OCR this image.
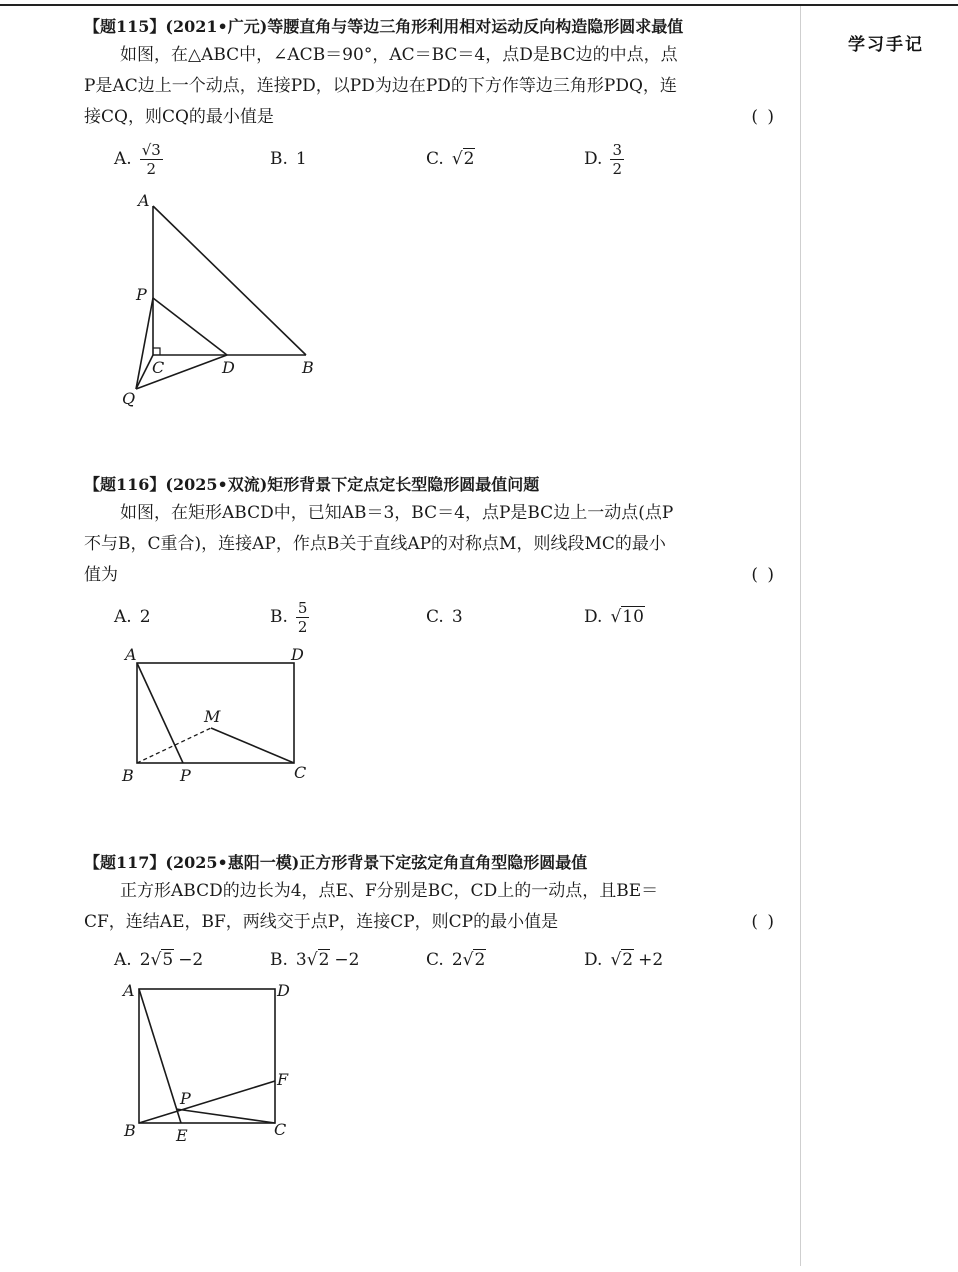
学习手记
【题115】(2021•广元)等腰直角与等边三角形利用相对运动反向构造隐形圆求最值
如图，在△ABC中，∠ACB＝90°，AC＝BC＝4，点D是BC边的中点，点
P是AC边上一个动点，连接PD，以PD为边在PD的下方作等边三角形PDQ，连
接CQ，则CQ的最小值是	( )
A. $\frac{√3}{2}$	B. 1	C. √2	D. $\frac{3}{2}$
A
P
C	D	B
Q
A	D
M
B	P	C
A	D
F
P
B	E	C
【题116】(2025•双流)矩形背景下定点定长型隐形圆最值问题
如图，在矩形ABCD中，已知AB＝3，BC＝4，点P是BC边上一动点(点P
不与B，C重合)，连接AP，作点B关于直线AP的对称点M，则线段MC的最小
值为	( )
A. 2	B. $\frac{5}{2}$	C. 3	D. √10
【题117】(2025•惠阳一模)正方形背景下定弦定角直角型隐形圆最值
正方形ABCD的边长为4，点E、F分别是BC，CD上的一动点，且BE＝
CF，连结AE，BF，两线交于点P，连接CP，则CP的最小值是	( )
A. 2 √5 −2	B. 3 √2 −2	C. 2 √2	D. √2 +2
